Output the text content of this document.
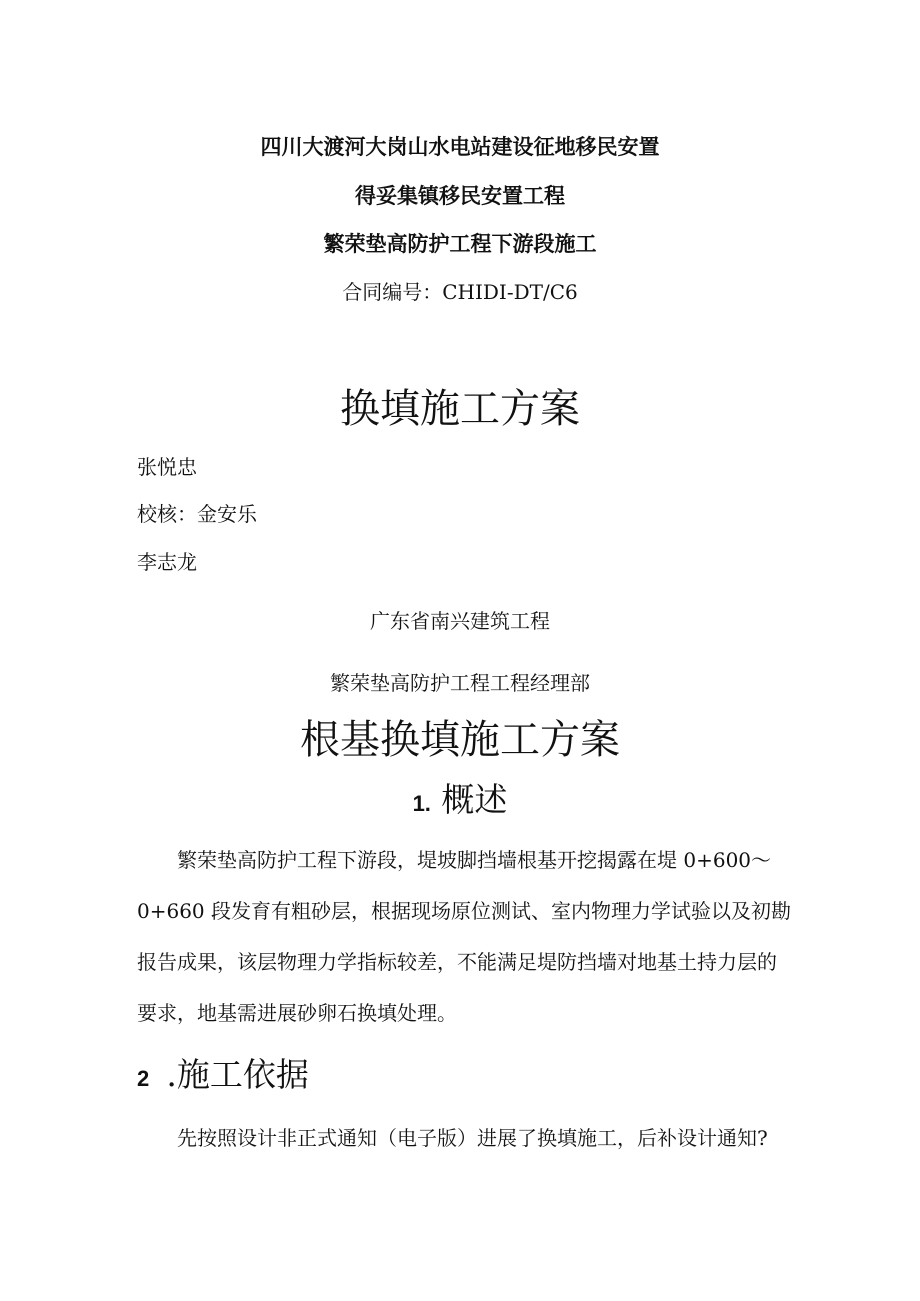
四川大渡河大岗山水电站建设征地移民安置
得妥集镇移民安置工程
繁荣垫高防护工程下游段施工
合同编号：CHIDI-DT/C6
换填施工方案
张悦忠
校核：金安乐
李志龙
广东省南兴建筑工程
繁荣垫高防护工程工程经理部
根基换填施工方案
1. 概述
繁荣垫高防护工程下游段，堤坡脚挡墙根基开挖揭露在堤 0+600～
0+660 段发育有粗砂层，根据现场原位测试、室内物理力学试验以及初勘
报告成果，该层物理力学指标较差，不能满足堤防挡墙对地基土持力层的
要求，地基需进展砂卵石换填处理。
2 .施工依据
先按照设计非正式通知（电子版）进展了换填施工，后补设计通知?
